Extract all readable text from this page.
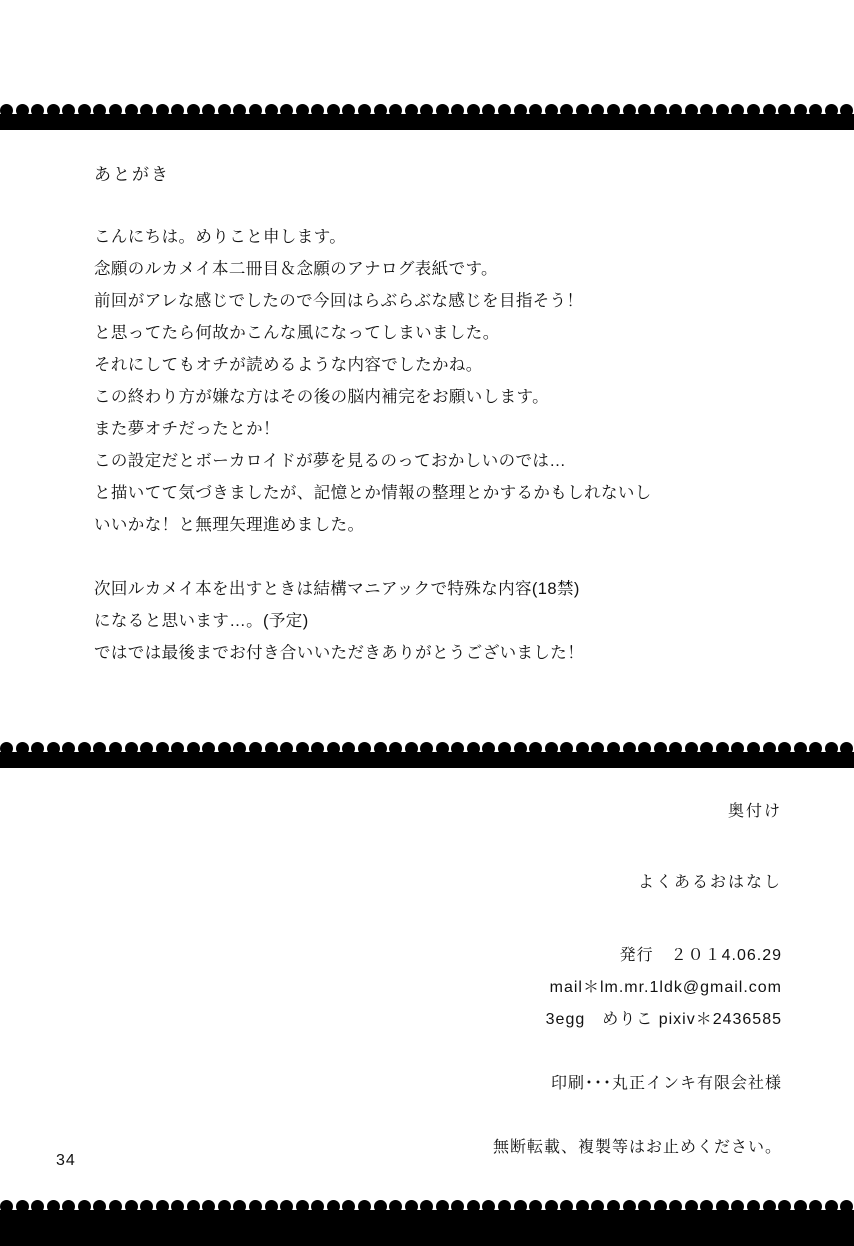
あとがき

こんにちは。めりこと申します。

念願のルカメイ本二冊目＆念願のアナログ表紙です。

前回がアレな感じでしたので今回はらぶらぶな感じを目指そう！

と思ってたら何故かこんな風になってしまいました。

それにしてもオチが読めるような内容でしたかね。

この終わり方が嫌な方はその後の脳内補完をお願いします。

また夢オチだったとか！

この設定だとボーカロイドが夢を見るのっておかしいのでは…

と描いてて気づきましたが、記憶とか情報の整理とかするかもしれないし

いいかな！と無理矢理進めました。

次回ルカメイ本を出すときは結構マニアックで特殊な内容(18禁)

になると思います…。(予定)

ではでは最後までお付き合いいただきありがとうございました！

奥付け
よくあるおはなし
発行　２０１4.06.29
mail＊lm.mr.1ldk@gmail.com
3egg　めりこ pixiv＊2436585
印刷･･･丸正インキ有限会社様
無断転載、複製等はお止めください。
34
